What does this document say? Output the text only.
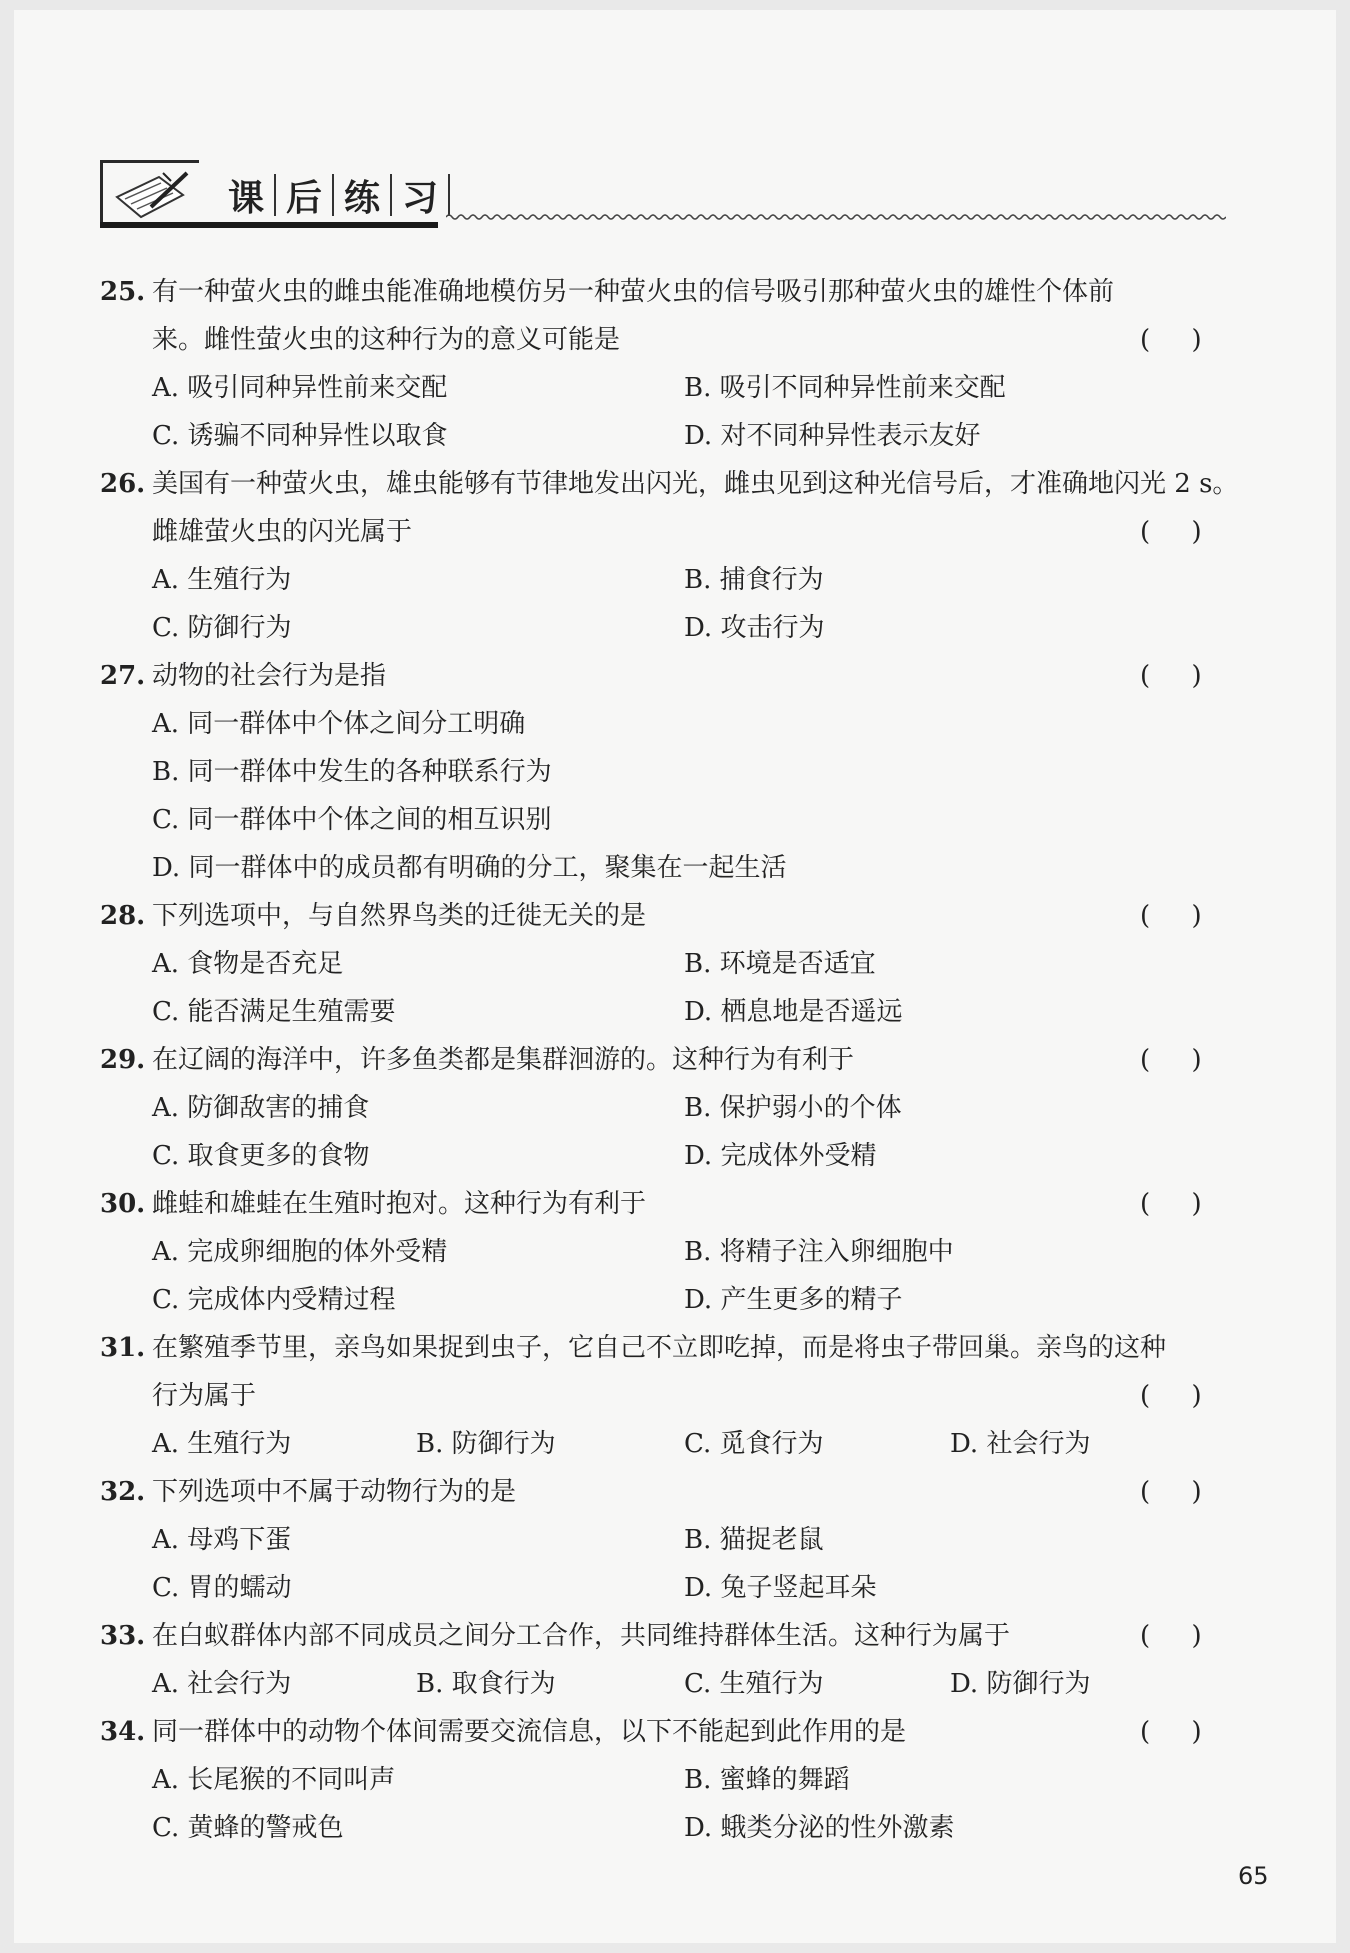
课 后 练 习
25. 有一种萤火虫的雌虫能准确地模仿另一种萤火虫的信号吸引那种萤火虫的雄性个体前
来。雌性萤火虫的这种行为的意义可能是	(     )
A. 吸引同种异性前来交配	B. 吸引不同种异性前来交配
C. 诱骗不同种异性以取食	D. 对不同种异性表示友好
26. 美国有一种萤火虫，雄虫能够有节律地发出闪光，雌虫见到这种光信号后，才准确地闪光 2 s。
雌雄萤火虫的闪光属于	(     )
A. 生殖行为	B. 捕食行为
C. 防御行为	D. 攻击行为
27. 动物的社会行为是指	(     )
A. 同一群体中个体之间分工明确
B. 同一群体中发生的各种联系行为
C. 同一群体中个体之间的相互识别
D. 同一群体中的成员都有明确的分工，聚集在一起生活
28. 下列选项中，与自然界鸟类的迁徙无关的是	(     )
A. 食物是否充足	B. 环境是否适宜
C. 能否满足生殖需要	D. 栖息地是否遥远
29. 在辽阔的海洋中，许多鱼类都是集群洄游的。这种行为有利于	(     )
A. 防御敌害的捕食	B. 保护弱小的个体
C. 取食更多的食物	D. 完成体外受精
30. 雌蛙和雄蛙在生殖时抱对。这种行为有利于	(     )
A. 完成卵细胞的体外受精	B. 将精子注入卵细胞中
C. 完成体内受精过程	D. 产生更多的精子
31. 在繁殖季节里，亲鸟如果捉到虫子，它自己不立即吃掉，而是将虫子带回巢。亲鸟的这种
行为属于	(     )
A. 生殖行为	B. 防御行为	C. 觅食行为	D. 社会行为
32. 下列选项中不属于动物行为的是	(     )
A. 母鸡下蛋	B. 猫捉老鼠
C. 胃的蠕动	D. 兔子竖起耳朵
33. 在白蚁群体内部不同成员之间分工合作，共同维持群体生活。这种行为属于	(     )
A. 社会行为	B. 取食行为	C. 生殖行为	D. 防御行为
34. 同一群体中的动物个体间需要交流信息，以下不能起到此作用的是	(     )
A. 长尾猴的不同叫声	B. 蜜蜂的舞蹈
C. 黄蜂的警戒色	D. 蛾类分泌的性外激素
65
